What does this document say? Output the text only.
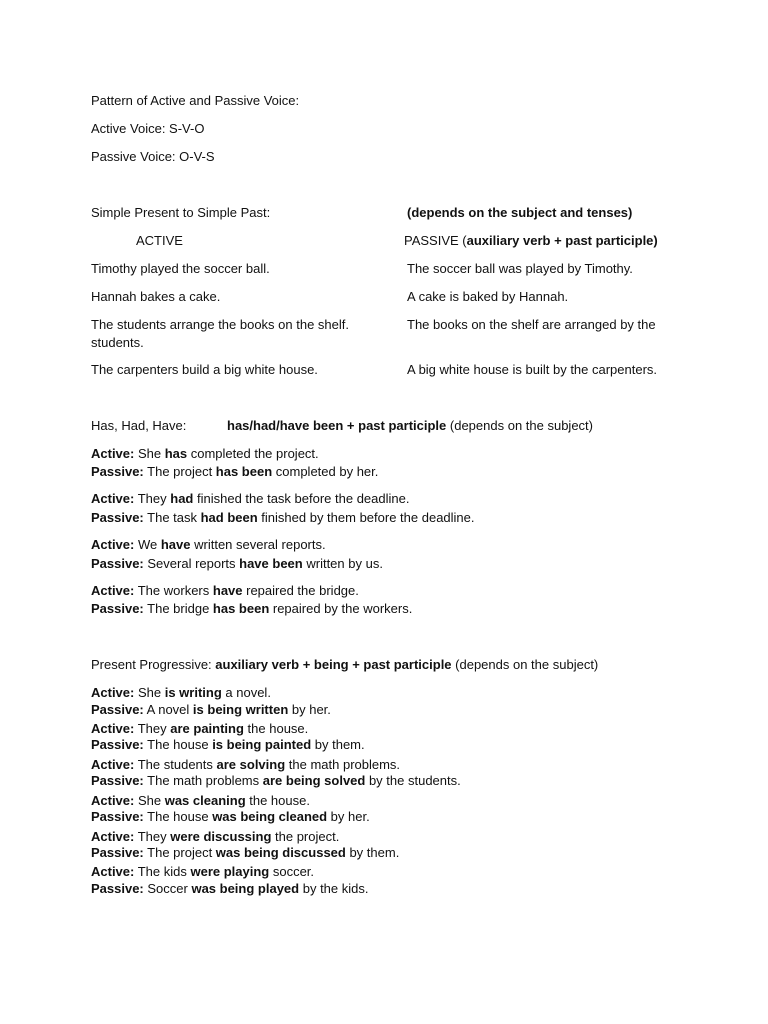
Pattern of Active and Passive Voice:
Active Voice: S-V-O
Passive Voice: O-V-S
Simple Present to Simple Past:	(depends on the subject and tenses)
ACTIVE	PASSIVE (auxiliary verb + past participle)
Timothy played the soccer ball.	The soccer ball was played by Timothy.
Hannah bakes a cake.	A cake is baked by Hannah.
The students arrange the books on the shelf.	The books on the shelf are arranged by the
students.
The carpenters build a big white house.	A big white house is built by the carpenters.
Has, Had, Have:	has/had/have been + past participle (depends on the subject)
Active: She has completed the project.
Passive: The project has been completed by her.
Active: They had finished the task before the deadline.
Passive: The task had been finished by them before the deadline.
Active: We have written several reports.
Passive: Several reports have been written by us.
Active: The workers have repaired the bridge.
Passive: The bridge has been repaired by the workers.
Present Progressive: auxiliary verb + being + past participle (depends on the subject)
Active: She is writing a novel.
Passive: A novel is being written by her.
Active: They are painting the house.
Passive: The house is being painted by them.
Active: The students are solving the math problems.
Passive: The math problems are being solved by the students.
Active: She was cleaning the house.
Passive: The house was being cleaned by her.
Active: They were discussing the project.
Passive: The project was being discussed by them.
Active: The kids were playing soccer.
Passive: Soccer was being played by the kids.
